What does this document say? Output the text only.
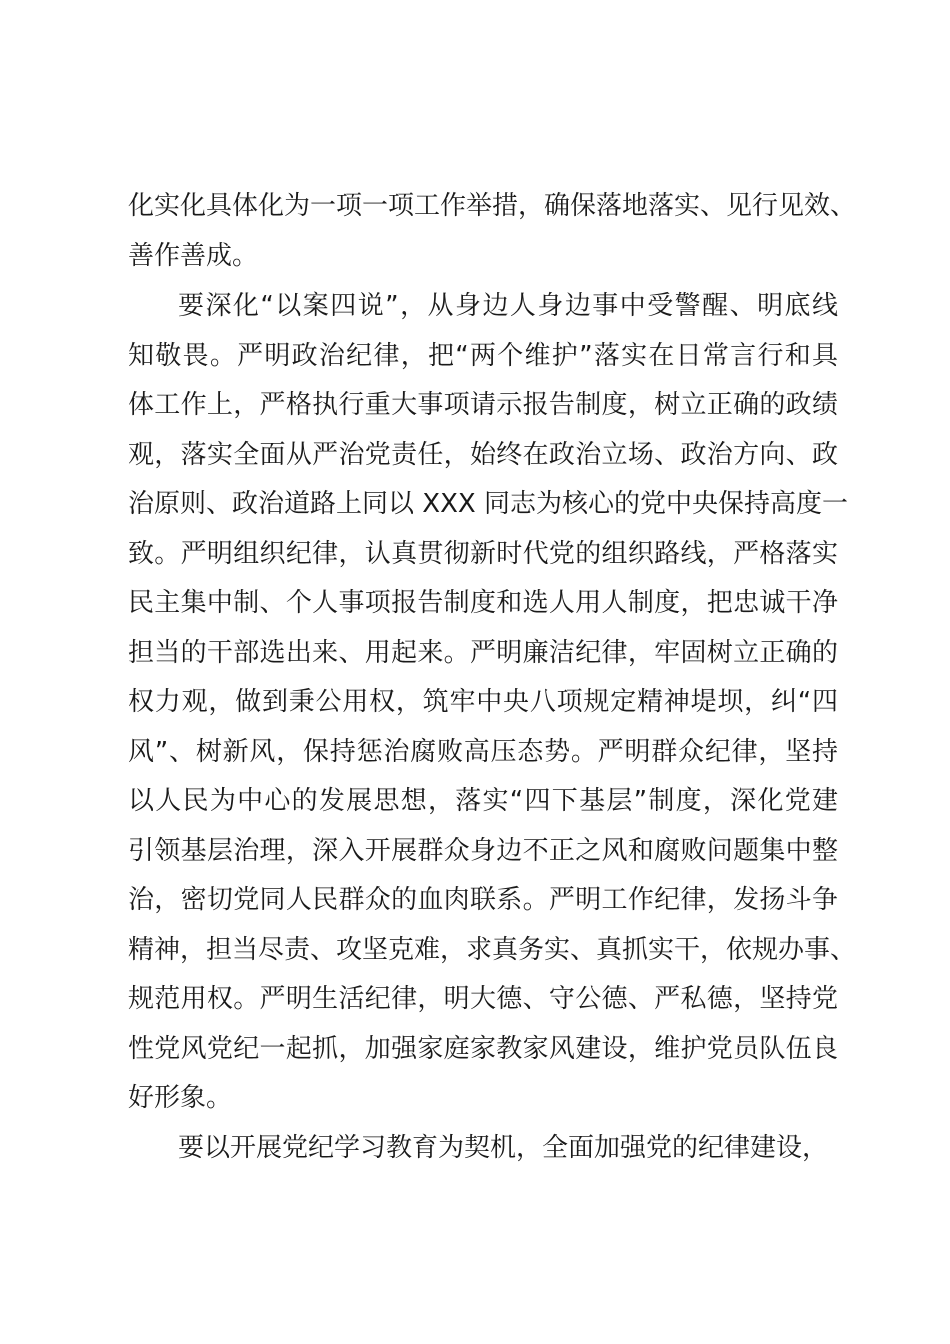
化实化具体化为一项一项工作举措，确保落地落实、见行见效、
善作善成。
要深化“以案四说”，从身边人身边事中受警醒、明底线
知敬畏。严明政治纪律，把“两个维护”落实在日常言行和具
体工作上，严格执行重大事项请示报告制度，树立正确的政绩
观，落实全面从严治党责任，始终在政治立场、政治方向、政
治原则、政治道路上同以 XXX 同志为核心的党中央保持高度一
致。严明组织纪律，认真贯彻新时代党的组织路线，严格落实
民主集中制、个人事项报告制度和选人用人制度，把忠诚干净
担当的干部选出来、用起来。严明廉洁纪律，牢固树立正确的
权力观，做到秉公用权，筑牢中央八项规定精神堤坝，纠“四
风”、树新风，保持惩治腐败高压态势。严明群众纪律，坚持
以人民为中心的发展思想，落实“四下基层”制度，深化党建
引领基层治理，深入开展群众身边不正之风和腐败问题集中整
治，密切党同人民群众的血肉联系。严明工作纪律，发扬斗争
精神，担当尽责、攻坚克难，求真务实、真抓实干，依规办事、
规范用权。严明生活纪律，明大德、守公德、严私德，坚持党
性党风党纪一起抓，加强家庭家教家风建设，维护党员队伍良
好形象。
要以开展党纪学习教育为契机，全面加强党的纪律建设，
